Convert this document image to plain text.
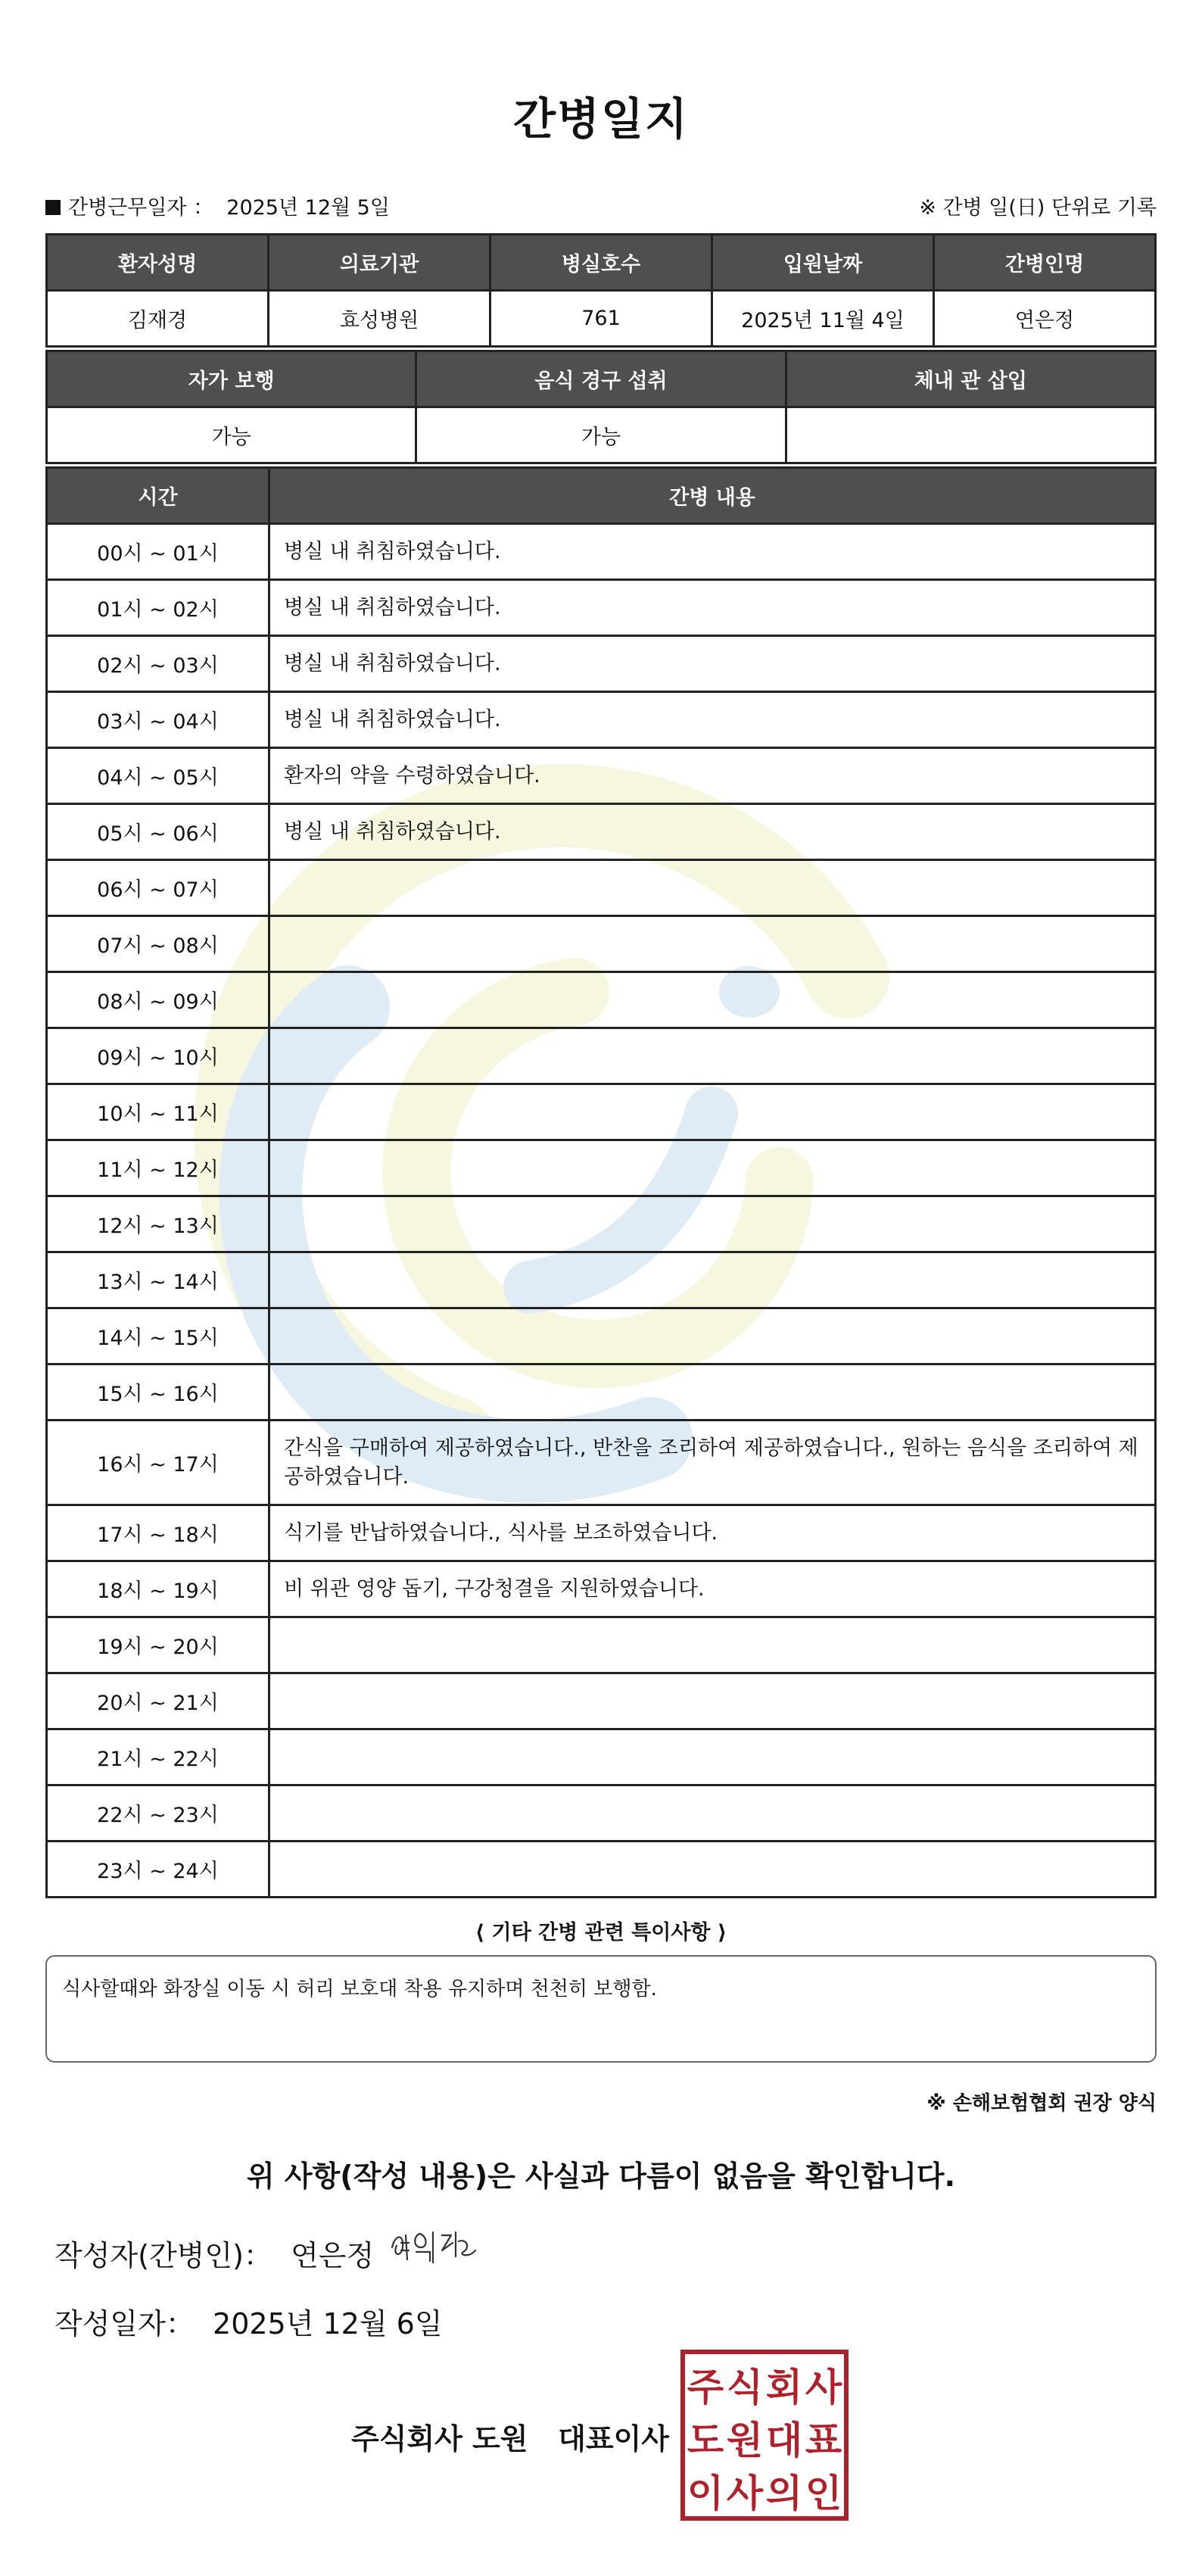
간병일지
간병근무일자 ： 2025년 12월 5일	※ 간병 일(日) 단위로 기록
환자성명	의료기관	병실호수	입원날짜	간병인명
김재경	효성병원	761	2025년 11월 4일	연은정
자가 보행	음식 경구 섭취	체내 관 삽입
가능	가능	
시간	간병 내용
00시 ~ 01시	병실 내 취침하였습니다.
01시 ~ 02시	병실 내 취침하였습니다.
02시 ~ 03시	병실 내 취침하였습니다.
03시 ~ 04시	병실 내 취침하였습니다.
04시 ~ 05시	환자의 약을 수령하였습니다.
05시 ~ 06시	병실 내 취침하였습니다.
06시 ~ 07시	
07시 ~ 08시	
08시 ~ 09시	
09시 ~ 10시	
10시 ~ 11시	
11시 ~ 12시	
12시 ~ 13시	
13시 ~ 14시	
14시 ~ 15시	
15시 ~ 16시	
16시 ~ 17시	간식을 구매하여 제공하였습니다., 반찬을 조리하여 제공하였습니다., 원하는 음식을 조리하여 제공하였습니다.
17시 ~ 18시	식기를 반납하였습니다., 식사를 보조하였습니다.
18시 ~ 19시	비 위관 영양 돕기, 구강청결을 지원하였습니다.
19시 ~ 20시	
20시 ~ 21시	
21시 ~ 22시	
22시 ~ 23시	
23시 ~ 24시	
⟨ 기타 간병 관련 특이사항 ⟩
식사할때와 화장실 이동 시 허리 보호대 착용 유지하며 천천히 보행함.
※ 손해보험협회 권장 양식
위 사항(작성 내용)은 사실과 다름이 없음을 확인합니다.
작성자(간병인)： 연은정
작성일자： 2025년 12월 6일
주식회사 도원 대표이사
주 식 회 사
도 원 대 표
이 사 의 인
